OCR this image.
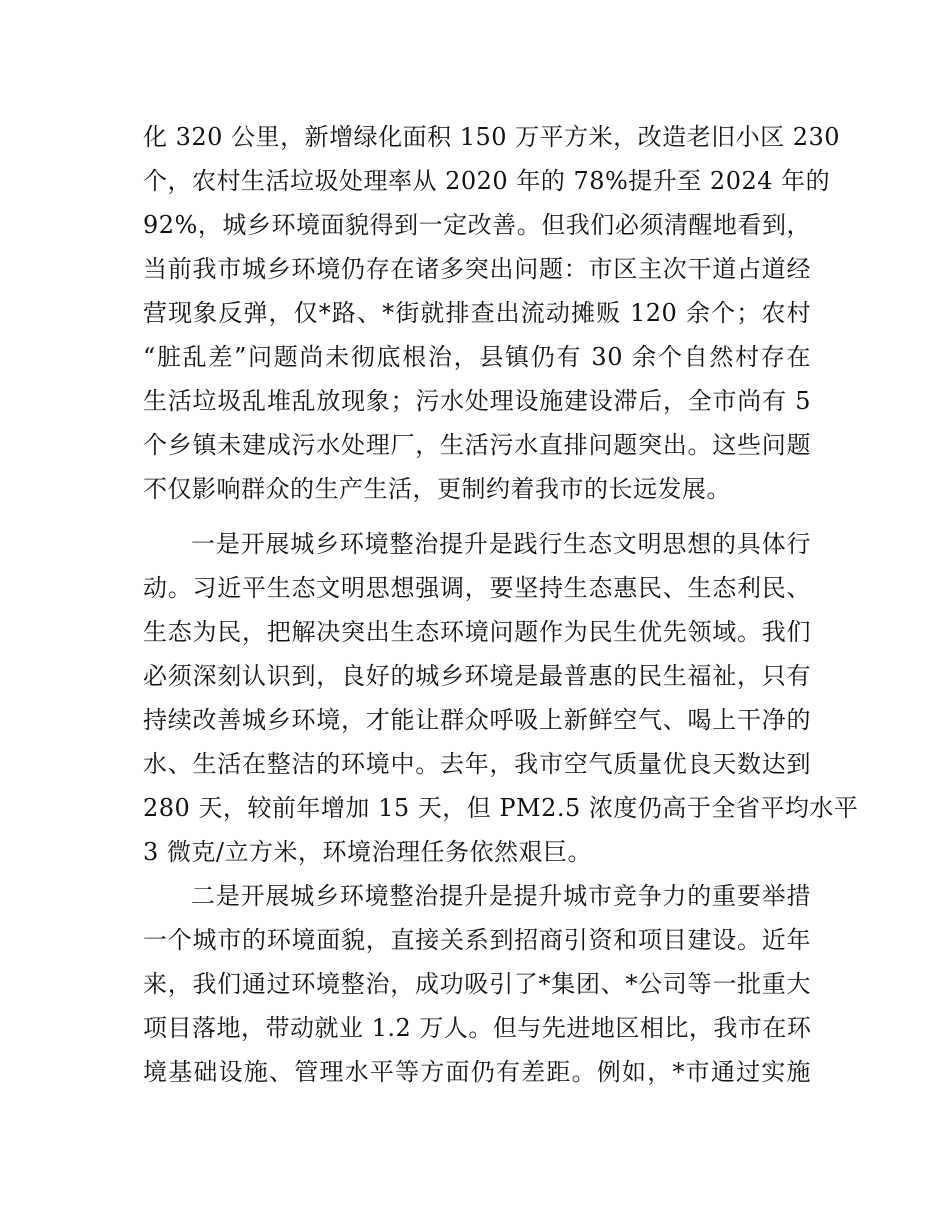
化 320 公里，新增绿化面积 150 万平方米，改造老旧小区 230
个，农村生活垃圾处理率从 2020 年的 78%提升至 2024 年的
92%，城乡环境面貌得到一定改善。但我们必须清醒地看到，
当前我市城乡环境仍存在诸多突出问题：市区主次干道占道经
营现象反弹，仅*路、*街就排查出流动摊贩 120 余个；农村
“脏乱差”问题尚未彻底根治，县镇仍有 30 余个自然村存在
生活垃圾乱堆乱放现象；污水处理设施建设滞后，全市尚有 5
个乡镇未建成污水处理厂，生活污水直排问题突出。这些问题
不仅影响群众的生产生活，更制约着我市的长远发展。
一是开展城乡环境整治提升是践行生态文明思想的具体行
动。习近平生态文明思想强调，要坚持生态惠民、生态利民、
生态为民，把解决突出生态环境问题作为民生优先领域。我们
必须深刻认识到，良好的城乡环境是最普惠的民生福祉，只有
持续改善城乡环境，才能让群众呼吸上新鲜空气、喝上干净的
水、生活在整洁的环境中。去年，我市空气质量优良天数达到
280 天，较前年增加 15 天，但 PM2.5 浓度仍高于全省平均水平
3 微克/立方米，环境治理任务依然艰巨。
二是开展城乡环境整治提升是提升城市竞争力的重要举措
一个城市的环境面貌，直接关系到招商引资和项目建设。近年
来，我们通过环境整治，成功吸引了*集团、*公司等一批重大
项目落地，带动就业 1.2 万人。但与先进地区相比，我市在环
境基础设施、管理水平等方面仍有差距。例如，*市通过实施
